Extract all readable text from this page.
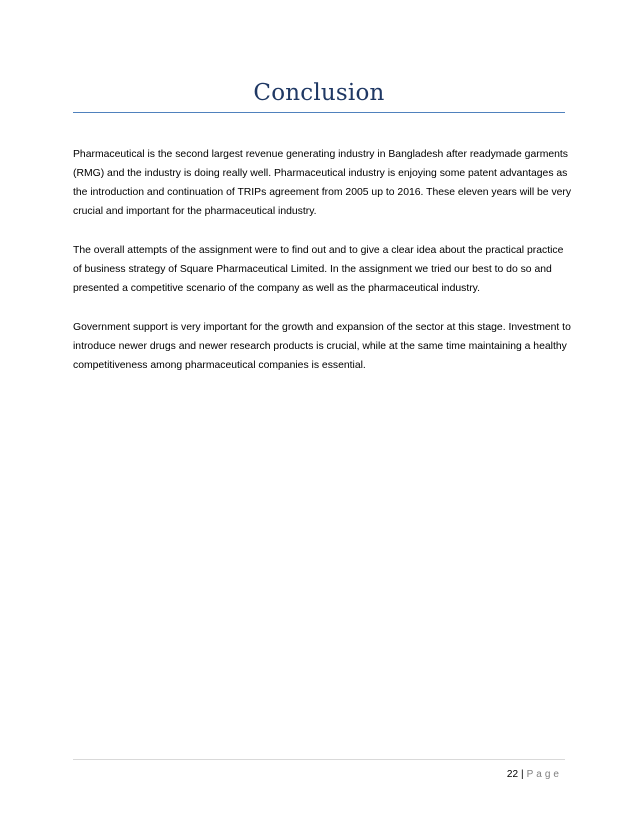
Conclusion

Pharmaceutical is the second largest revenue generating industry in Bangladesh after readymade garments (RMG) and the industry is doing really well. Pharmaceutical industry is enjoying some patent advantages as the introduction and continuation of TRIPs agreement from 2005 up to 2016. These eleven years will be very crucial and important for the pharmaceutical industry.

The overall attempts of the assignment were to find out and to give a clear idea about the practical practice of business strategy of Square Pharmaceutical Limited. In the assignment we tried our best to do so and presented a competitive scenario of the company as well as the pharmaceutical industry.

Government support is very important for the growth and expansion of the sector at this stage. Investment to introduce newer drugs and newer research products is crucial, while at the same time maintaining a healthy competitiveness among pharmaceutical companies is essential.

22 | Page
